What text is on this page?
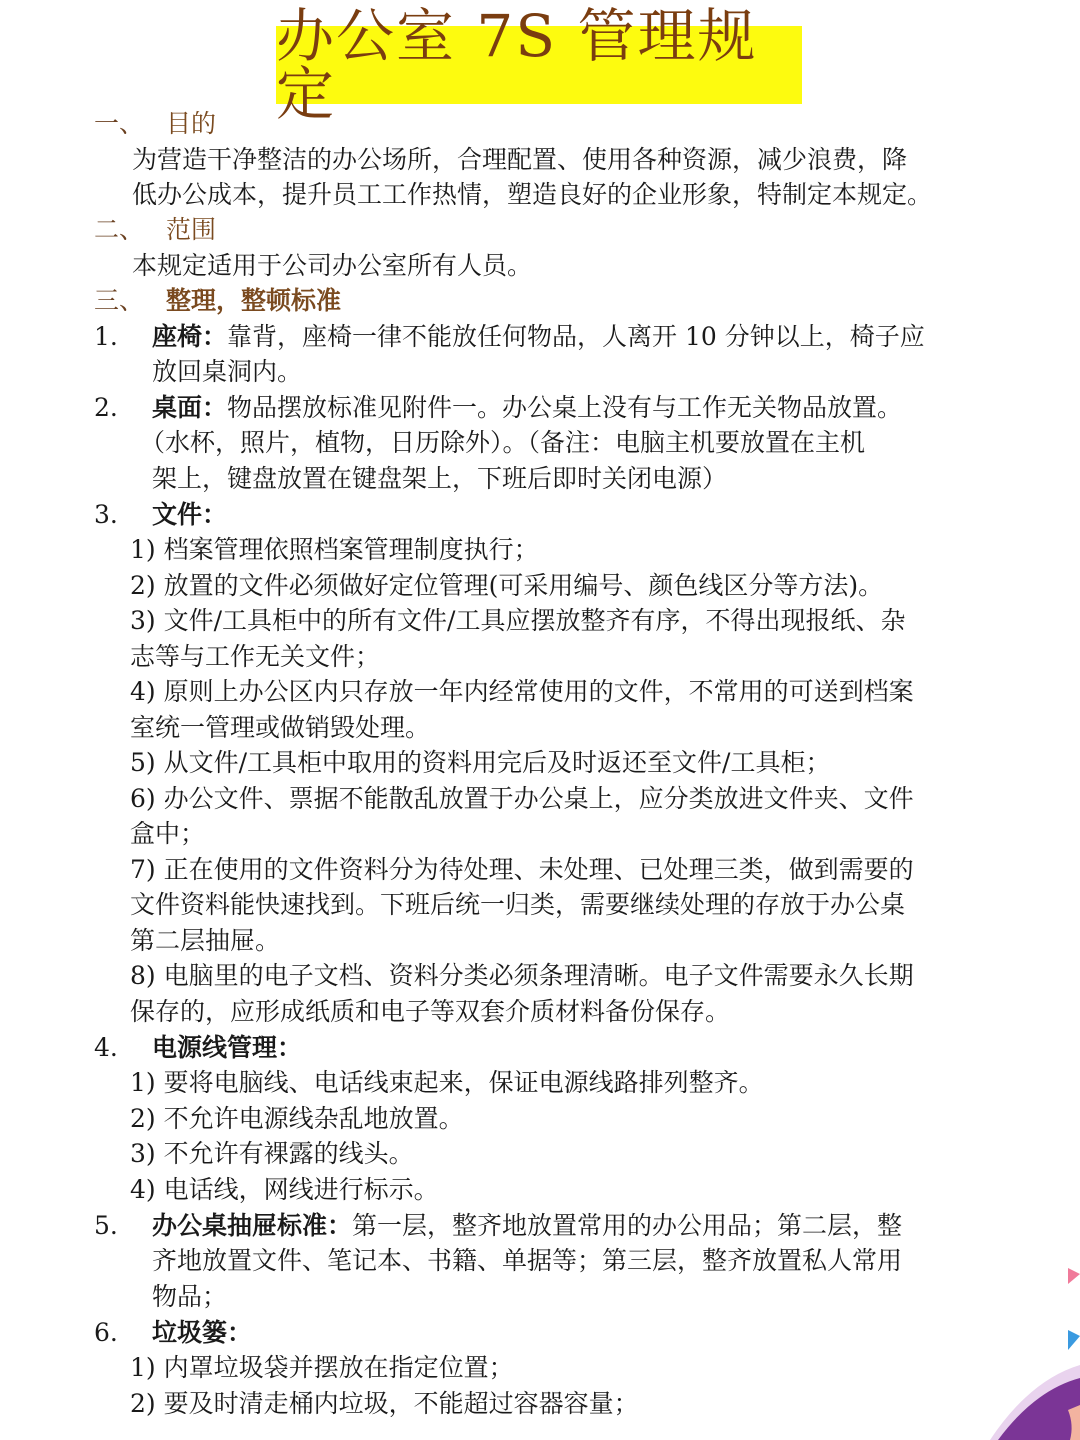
办公室 7S 管理规定
一、 目的
为营造干净整洁的办公场所，合理配置、使用各种资源，减少浪费，降
低办公成本，提升员工工作热情，塑造良好的企业形象，特制定本规定。
二、 范围
本规定适用于公司办公室所有人员。
三、 整理，整顿标准
1. 座椅：靠背，座椅一律不能放任何物品，人离开 10 分钟以上，椅子应
放回桌洞内。
2. 桌面：物品摆放标准见附件一。办公桌上没有与工作无关物品放置。
（水杯，照片，植物，日历除外）。（备注：电脑主机要放置在主机
架上，键盘放置在键盘架上，下班后即时关闭电源）
3. 文件：
1) 档案管理依照档案管理制度执行；
2) 放置的文件必须做好定位管理(可采用编号、颜色线区分等方法)。
3) 文件/工具柜中的所有文件/工具应摆放整齐有序，不得出现报纸、杂
志等与工作无关文件；
4) 原则上办公区内只存放一年内经常使用的文件，不常用的可送到档案
室统一管理或做销毁处理。
5) 从文件/工具柜中取用的资料用完后及时返还至文件/工具柜；
6) 办公文件、票据不能散乱放置于办公桌上，应分类放进文件夹、文件
盒中；
7) 正在使用的文件资料分为待处理、未处理、已处理三类，做到需要的
文件资料能快速找到。下班后统一归类，需要继续处理的存放于办公桌
第二层抽屉。
8) 电脑里的电子文档、资料分类必须条理清晰。电子文件需要永久长期
保存的，应形成纸质和电子等双套介质材料备份保存。
4. 电源线管理：
1) 要将电脑线、电话线束起来，保证电源线路排列整齐。
2) 不允许电源线杂乱地放置。
3) 不允许有裸露的线头。
4) 电话线，网线进行标示。
5. 办公桌抽屉标准：第一层，整齐地放置常用的办公用品；第二层，整
齐地放置文件、笔记本、书籍、单据等；第三层，整齐放置私人常用
物品；
6. 垃圾篓：
1) 内罩垃圾袋并摆放在指定位置；
2) 要及时清走桶内垃圾，不能超过容器容量；
